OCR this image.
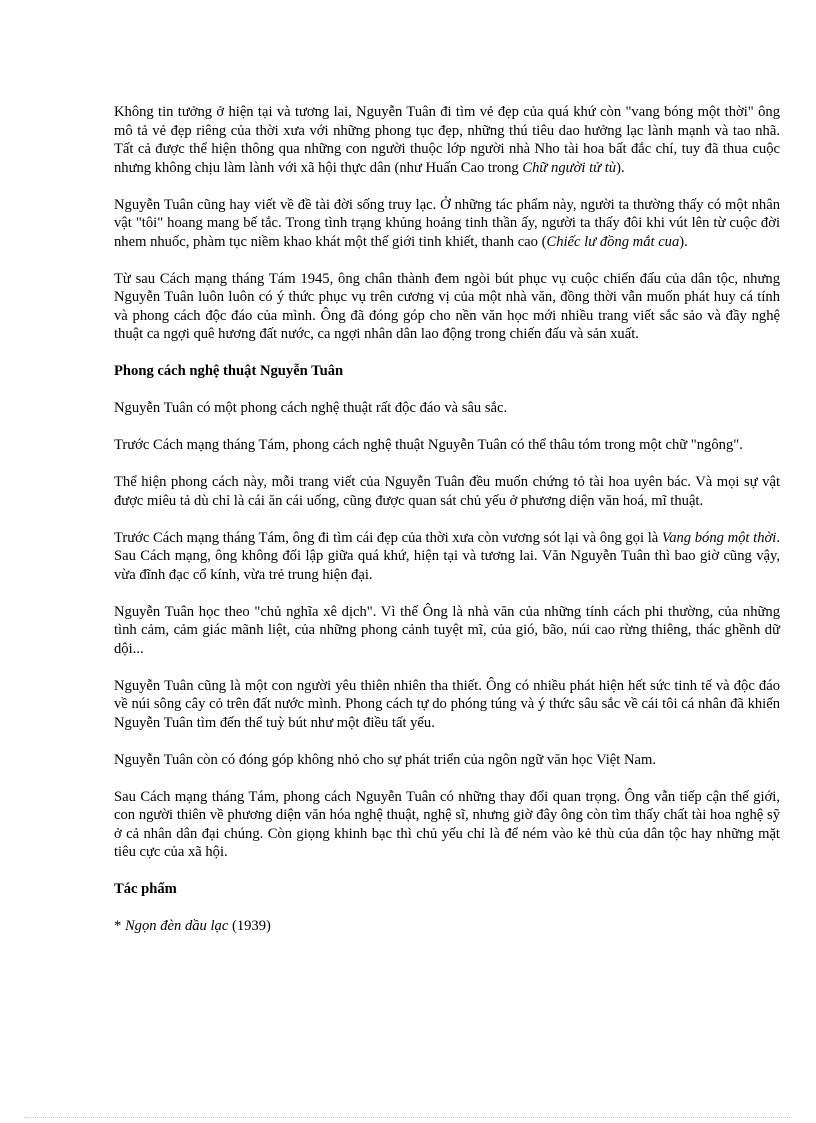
Không tin tưởng ở hiện tại và tương lai, Nguyễn Tuân đi tìm vẻ đẹp của quá khứ còn "vang bóng một thời" ông mô tả vẻ đẹp riêng của thời xưa với những phong tục đẹp, những thú tiêu dao hưởng lạc lành mạnh và tao nhã. Tất cả được thể hiện thông qua những con người thuộc lớp người nhà Nho tài hoa bất đắc chí, tuy đã thua cuộc nhưng không chịu làm lành với xã hội thực dân (như Huấn Cao trong Chữ người tử tù).

Nguyễn Tuân cũng hay viết về đề tài đời sống truy lạc. Ở những tác phẩm này, người ta thường thấy có một nhân vật "tôi" hoang mang bế tắc. Trong tình trạng khủng hoảng tinh thần ấy, người ta thấy đôi khi vút lên từ cuộc đời nhem nhuốc, phàm tục niềm khao khát một thế giới tinh khiết, thanh cao (Chiếc lư đồng mắt cua).

Từ sau Cách mạng tháng Tám 1945, ông chân thành đem ngòi bút phục vụ cuộc chiến đấu của dân tộc, nhưng Nguyễn Tuân luôn luôn có ý thức phục vụ trên cương vị của một nhà văn, đồng thời vẫn muốn phát huy cá tính và phong cách độc đáo của mình. Ông đã đóng góp cho nền văn học mới nhiều trang viết sắc sảo và đầy nghệ thuật ca ngợi quê hương đất nước, ca ngợi nhân dân lao động trong chiến đấu và sản xuất.

Phong cách nghệ thuật Nguyễn Tuân

Nguyễn Tuân có một phong cách nghệ thuật rất độc đáo và sâu sắc.

Trước Cách mạng tháng Tám, phong cách nghệ thuật Nguyễn Tuân có thể thâu tóm trong một chữ "ngông".

Thể hiện phong cách này, mỗi trang viết của Nguyễn Tuân đều muốn chứng tỏ tài hoa uyên bác. Và mọi sự vật được miêu tả dù chỉ là cái ăn cái uống, cũng được quan sát chủ yếu ở phương diện văn hoá, mĩ thuật.

Trước Cách mạng tháng Tám, ông đi tìm cái đẹp của thời xưa còn vương sót lại và ông gọi là Vang bóng một thời. Sau Cách mạng, ông không đối lập giữa quá khứ, hiện tại và tương lai. Văn Nguyễn Tuân thì bao giờ cũng vậy, vừa đĩnh đạc cổ kính, vừa trẻ trung hiện đại.

Nguyễn Tuân học theo "chủ nghĩa xê dịch". Vì thế Ông là nhà văn của những tính cách phi thường, của những tình cảm, cảm giác mãnh liệt, của những phong cảnh tuyệt mĩ, của gió, bão, núi cao rừng thiêng, thác ghềnh dữ dội...

Nguyễn Tuân cũng là một con người yêu thiên nhiên tha thiết. Ông có nhiều phát hiện hết sức tinh tế và độc đáo về núi sông cây cỏ trên đất nước mình. Phong cách tự do phóng túng và ý thức sâu sắc về cái tôi cá nhân đã khiến Nguyễn Tuân tìm đến thể tuỳ bút như một điều tất yếu.

Nguyễn Tuân còn có đóng góp không nhỏ cho sự phát triển của ngôn ngữ văn học Việt Nam.

Sau Cách mạng tháng Tám, phong cách Nguyễn Tuân có những thay đổi quan trọng. Ông vẫn tiếp cận thế giới, con người thiên về phương diện văn hóa nghệ thuật, nghệ sĩ, nhưng giờ đây ông còn tìm thấy chất tài hoa nghệ sỹ ở cả nhân dân đại chúng. Còn giọng khinh bạc thì chủ yếu chỉ là để ném vào kẻ thù của dân tộc hay những mặt tiêu cực của xã hội.

Tác phẩm

* Ngọn đèn dầu lạc (1939)
